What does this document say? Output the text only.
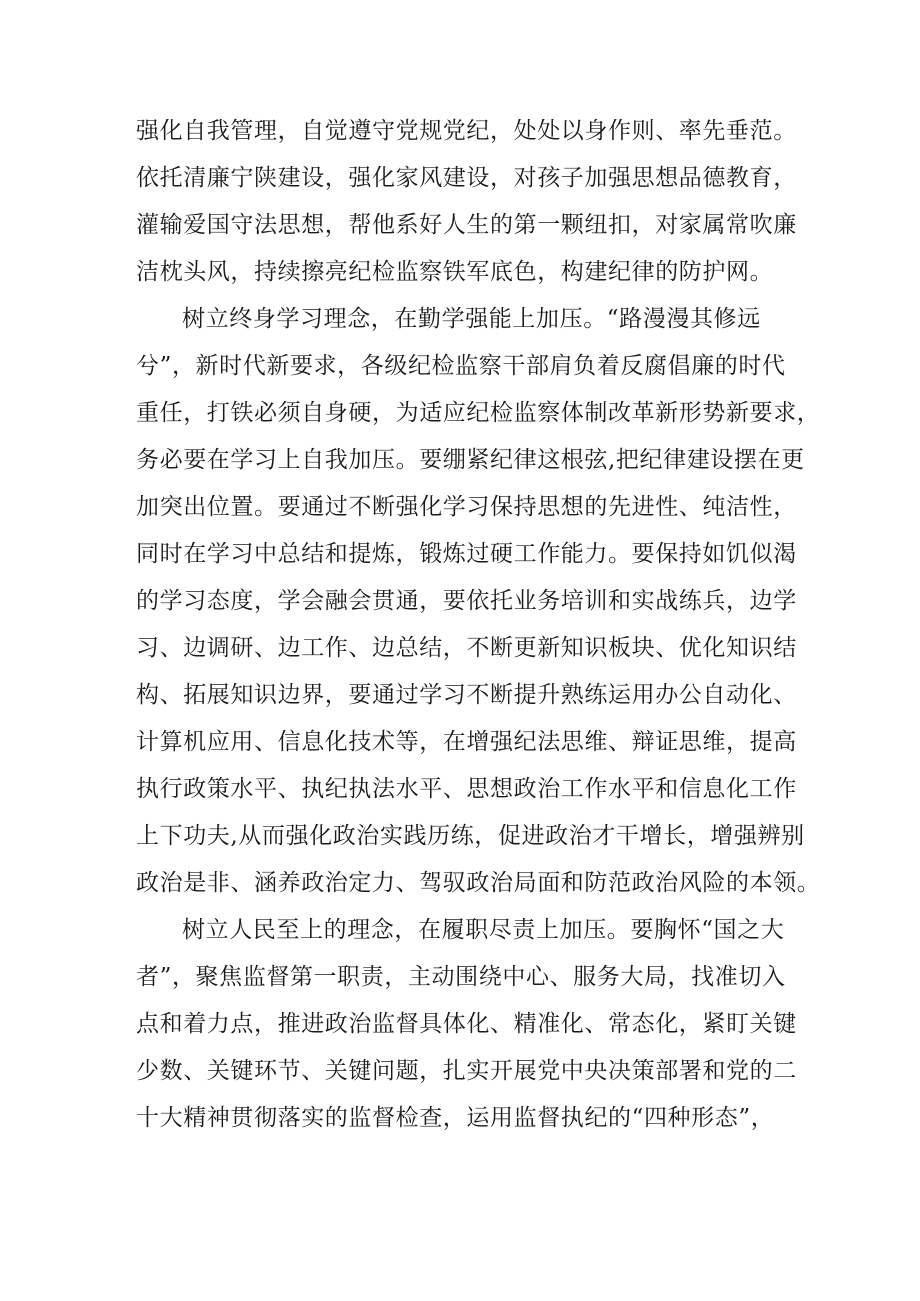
强化自我管理，自觉遵守党规党纪，处处以身作则、率先垂范。
依托清廉宁陕建设，强化家风建设，对孩子加强思想品德教育，
灌输爱国守法思想，帮他系好人生的第一颗纽扣，对家属常吹廉
洁枕头风，持续擦亮纪检监察铁军底色，构建纪律的防护网。
树立终身学习理念，在勤学强能上加压。“路漫漫其修远
兮”，新时代新要求，各级纪检监察干部肩负着反腐倡廉的时代
重任，打铁必须自身硬，为适应纪检监察体制改革新形势新要求，
务必要在学习上自我加压。要绷紧纪律这根弦,把纪律建设摆在更
加突出位置。要通过不断强化学习保持思想的先进性、纯洁性，
同时在学习中总结和提炼，锻炼过硬工作能力。要保持如饥似渴
的学习态度，学会融会贯通，要依托业务培训和实战练兵，边学
习、边调研、边工作、边总结，不断更新知识板块、优化知识结
构、拓展知识边界，要通过学习不断提升熟练运用办公自动化、
计算机应用、信息化技术等，在增强纪法思维、辩证思维，提高
执行政策水平、执纪执法水平、思想政治工作水平和信息化工作
上下功夫,从而强化政治实践历练，促进政治才干增长，增强辨别
政治是非、涵养政治定力、驾驭政治局面和防范政治风险的本领。
树立人民至上的理念，在履职尽责上加压。要胸怀“国之大
者”，聚焦监督第一职责，主动围绕中心、服务大局，找准切入
点和着力点，推进政治监督具体化、精准化、常态化，紧盯关键
少数、关键环节、关键问题，扎实开展党中央决策部署和党的二
十大精神贯彻落实的监督检查，运用监督执纪的“四种形态”，
